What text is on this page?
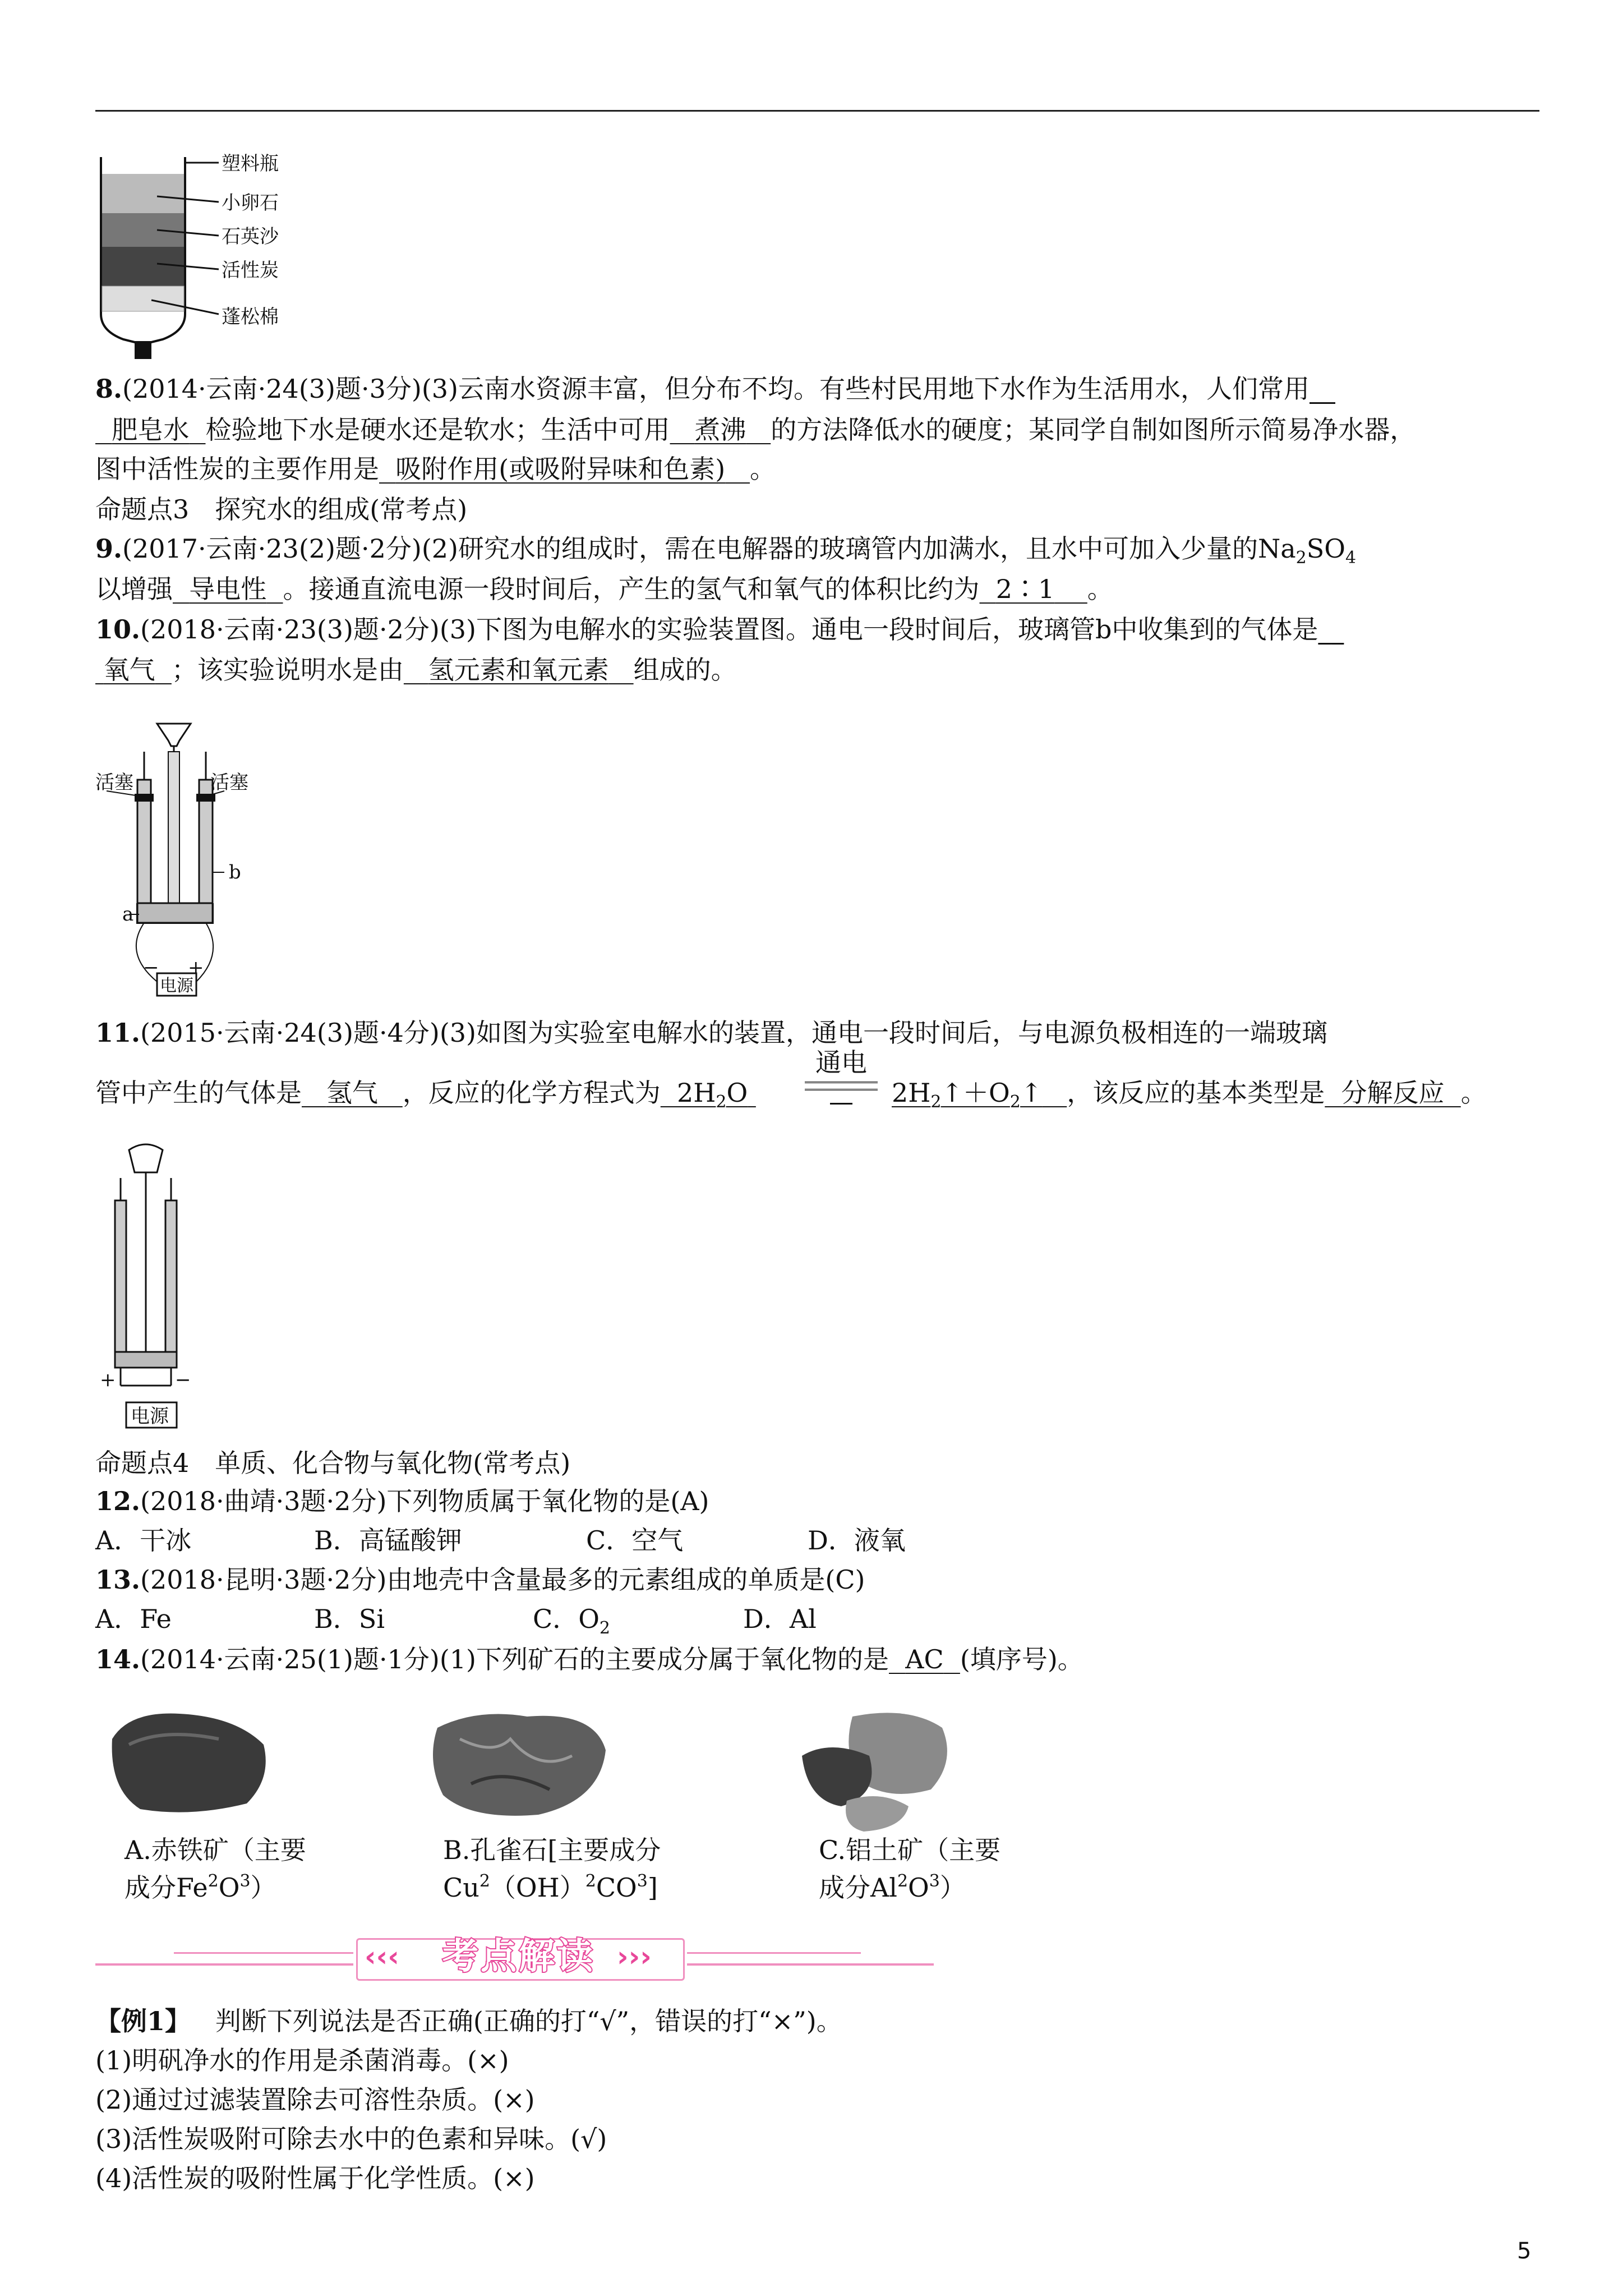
塑料瓶
小卵石
石英沙
活性炭
蓬松棉
8.(2014·云南·24(3)题·3分)(3)云南水资源丰富，但分布不均。有些村民用地下水作为生活用水，人们常用__
肥皂水 检验地下水是硬水还是软水；生活中可用 煮沸 的方法降低水的硬度；某同学自制如图所示简易净水器，
图中活性炭的主要作用是 吸附作用(或吸附异味和色素) 。
命题点3　探究水的组成(常考点)
9.(2017·云南·23(2)题·2分)(2)研究水的组成时，需在电解器的玻璃管内加满水，且水中可加入少量的$Na_2SO_4$
以增强 导电性 。接通直流电源一段时间后，产生的氢气和氧气的体积比约为 2∶1 。
10.(2018·云南·23(3)题·2分)(3)下图为电解水的实验装置图。通电一段时间后，玻璃管b中收集到的气体是__
氧气 ；该实验说明水是由 氢元素和氧元素 组成的。
活塞	活塞
b
a
− +
电源
11.(2015·云南·24(3)题·4分)(3)如图为实验室电解水的装置，通电一段时间后，与电源负极相连的一端玻璃
管中产生的气体是 氢气 ，反应的化学方程式为 $2H_2O$
通电
$2H_2↑+O_2↑$ ，该反应的基本类型是 分解反应 。
+	−
电源
命题点4　单质、化合物与氧化物(常考点)
12.(2018·曲靖·3题·2分)下列物质属于氧化物的是(A)
A．干冰	B．高锰酸钾	C．空气	D．液氧
13.(2018·昆明·3题·2分)由地壳中含量最多的元素组成的单质是(C)
A．Fe	B．Si	C．$O_2$	D．Al
14.(2014·云南·25(1)题·1分)(1)下列矿石的主要成分属于氧化物的是 AC (填序号)。
A.赤铁矿（主要
成分$Fe^2O^3$）
B.孔雀石[主要成分
$Cu^2(OH)^2CO^3$]
C.铝土矿（主要
成分$Al^2O^3$）
‹‹‹	考点解读 ›››
【例1】 判断下列说法是否正确(正确的打“√”，错误的打“×”)。
(1)明矾净水的作用是杀菌消毒。(×)
(2)通过过滤装置除去可溶性杂质。(×)
(3)活性炭吸附可除去水中的色素和异味。(√)
(4)活性炭的吸附性属于化学性质。(×)
5
